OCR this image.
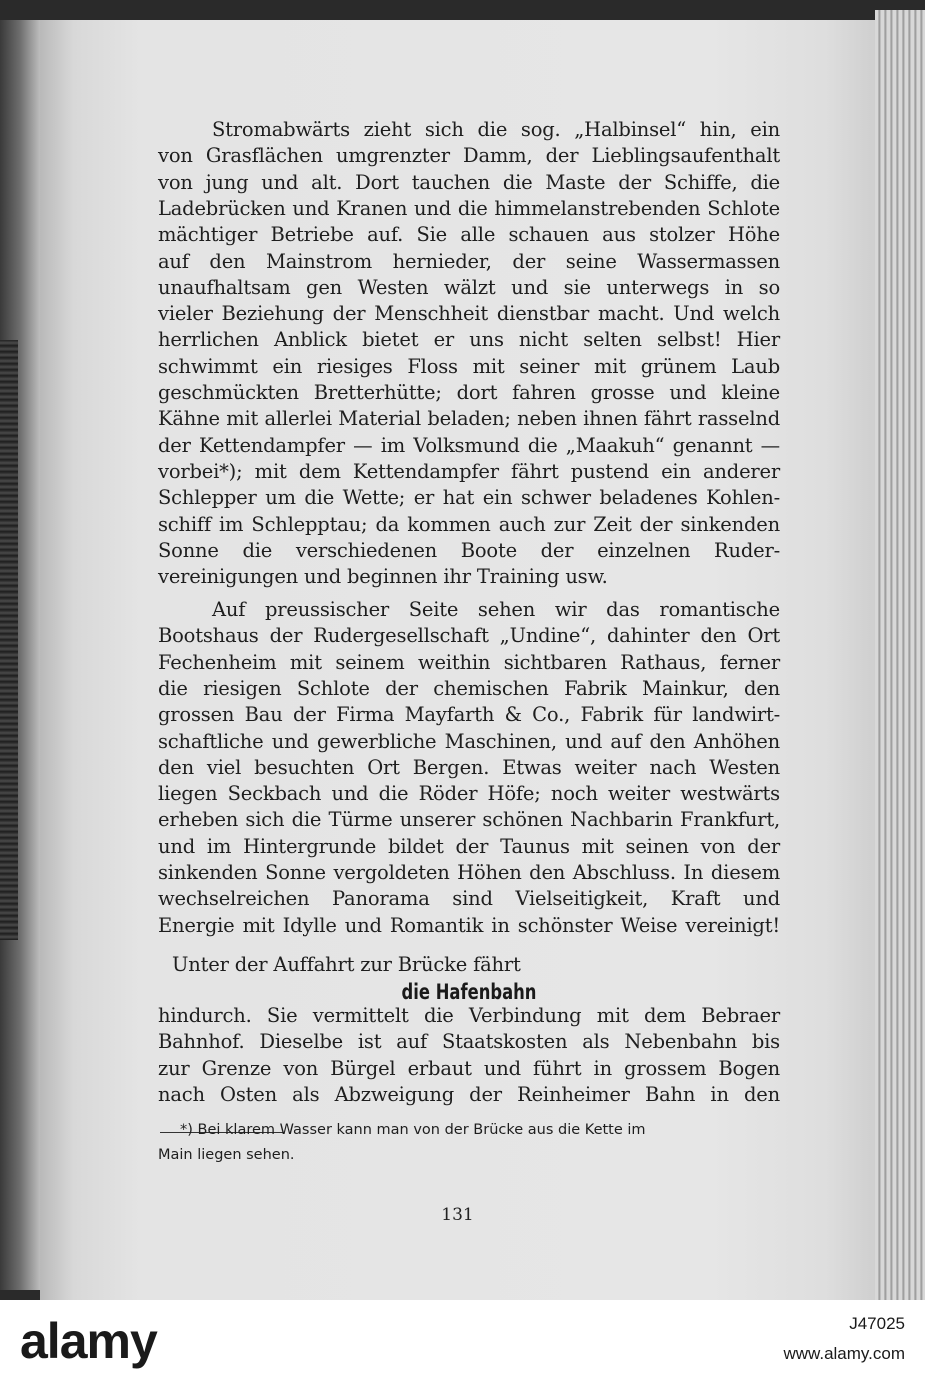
Stromabwärts zieht sich die sog. „Halbinsel“ hin, ein
von Grasflächen umgrenzter Damm, der Lieblingsaufenthalt
von jung und alt. Dort tauchen die Maste der Schiffe, die
Ladebrücken und Kranen und die himmelanstrebenden Schlote
mächtiger Betriebe auf. Sie alle schauen aus stolzer Höhe
auf den Mainstrom hernieder, der seine Wassermassen
unaufhaltsam gen Westen wälzt und sie unterwegs in so
vieler Beziehung der Menschheit dienstbar macht. Und welch
herrlichen Anblick bietet er uns nicht selten selbst! Hier
schwimmt ein riesiges Floss mit seiner mit grünem Laub
geschmückten Bretterhütte; dort fahren grosse und kleine
Kähne mit allerlei Material beladen; neben ihnen fährt rasselnd
der Kettendampfer — im Volksmund die „Maakuh“ genannt —
vorbei*); mit dem Kettendampfer fährt pustend ein anderer
Schlepper um die Wette; er hat ein schwer beladenes Kohlen-
schiff im Schlepptau; da kommen auch zur Zeit der sinkenden
Sonne die verschiedenen Boote der einzelnen Ruder-
vereinigungen und beginnen ihr Training usw.
Auf preussischer Seite sehen wir das romantische
Bootshaus der Rudergesellschaft „Undine“, dahinter den Ort
Fechenheim mit seinem weithin sichtbaren Rathaus, ferner
die riesigen Schlote der chemischen Fabrik Mainkur, den
grossen Bau der Firma Mayfarth & Co., Fabrik für landwirt-
schaftliche und gewerbliche Maschinen, und auf den Anhöhen
den viel besuchten Ort Bergen. Etwas weiter nach Westen
liegen Seckbach und die Röder Höfe; noch weiter westwärts
erheben sich die Türme unserer schönen Nachbarin Frankfurt,
und im Hintergrunde bildet der Taunus mit seinen von der
sinkenden Sonne vergoldeten Höhen den Abschluss. In diesem
wechselreichen Panorama sind Vielseitigkeit, Kraft und
Energie mit Idylle und Romantik in schönster Weise vereinigt!
Unter der Auffahrt zur Brücke fährt
die Hafenbahn
hindurch. Sie vermittelt die Verbindung mit dem Bebraer
Bahnhof. Dieselbe ist auf Staatskosten als Nebenbahn bis
zur Grenze von Bürgel erbaut und führt in grossem Bogen
nach Osten als Abzweigung der Reinheimer Bahn in den
*) Bei klarem Wasser kann man von der Brücke aus die Kette im
Main liegen sehen.
131
alamy	J47025
www.alamy.com
